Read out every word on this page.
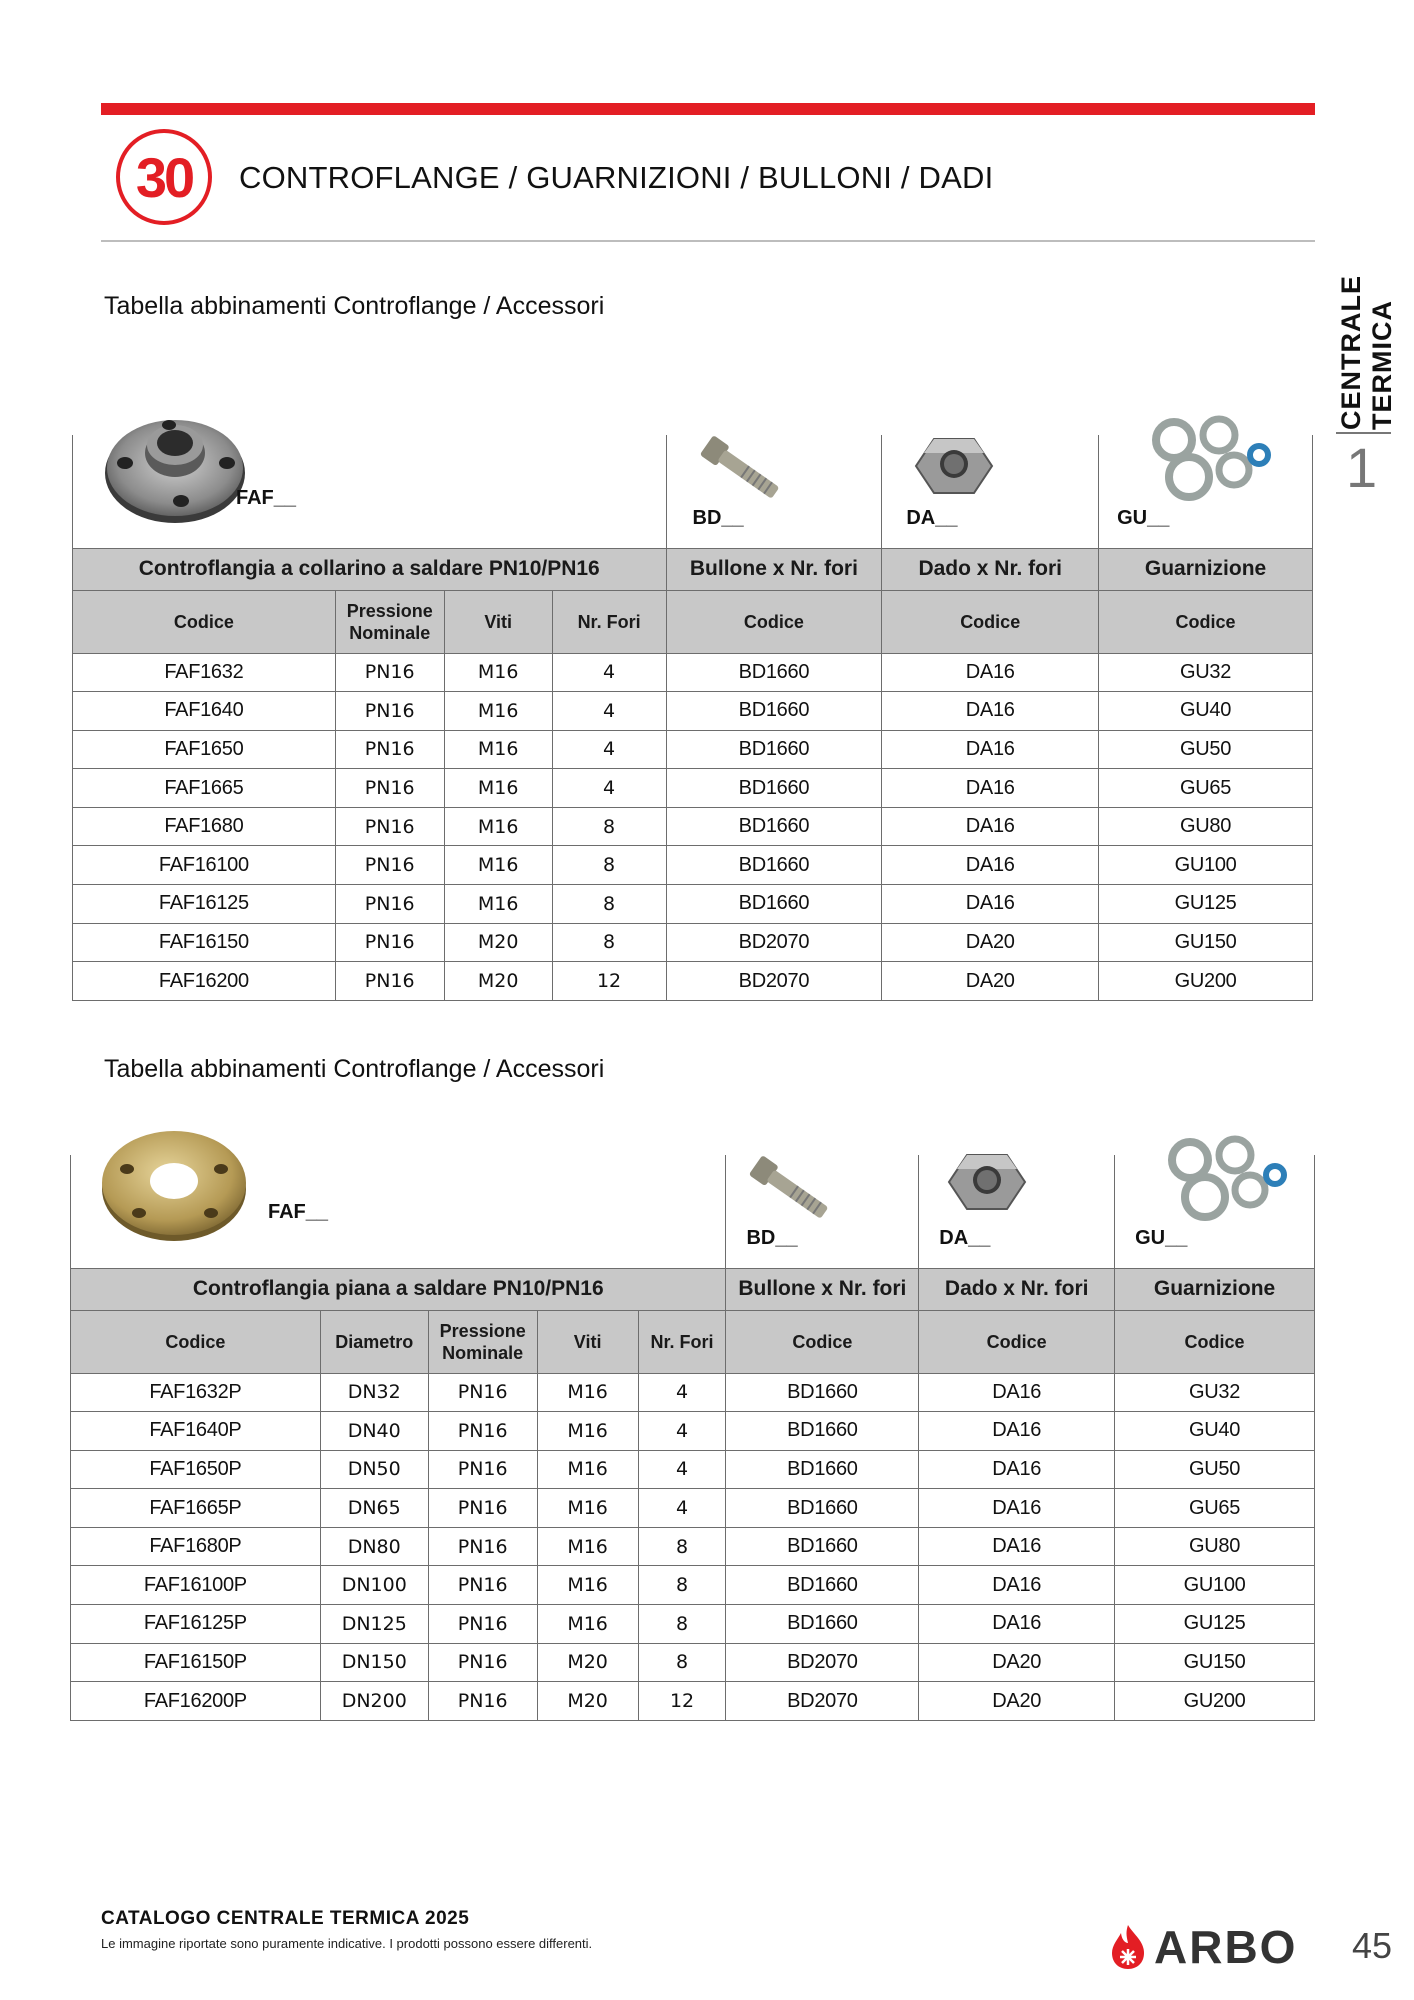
30	CONTROFLANGE / GUARNIZIONI / BULLONI / DADI
CENTRALE TERMICA
1
Tabella abbinamenti Controflange / Accessori
FAF__				BD__	DA__	GU__

Controflangia a collarino a saldare PN10/PN16				Bullone x Nr. fori	Dado x Nr. fori	Guarnizione
Codice	Pressione Nominale	Viti	Nr. Fori	Codice	Codice	Codice
FAF1632	PN16	M16	4	BD1660	DA16	GU32
FAF1640	PN16	M16	4	BD1660	DA16	GU40
FAF1650	PN16	M16	4	BD1660	DA16	GU50
FAF1665	PN16	M16	4	BD1660	DA16	GU65
FAF1680	PN16	M16	8	BD1660	DA16	GU80
FAF16100	PN16	M16	8	BD1660	DA16	GU100
FAF16125	PN16	M16	8	BD1660	DA16	GU125
FAF16150	PN16	M20	8	BD2070	DA20	GU150
FAF16200	PN16	M20	12	BD2070	DA20	GU200
Tabella abbinamenti Controflange / Accessori
FAF__					BD__	DA__	GU__

Controflangia piana a saldare PN10/PN16					Bullone x Nr. fori	Dado x Nr. fori	Guarnizione
Codice	Diametro	Pressione Nominale	Viti	Nr. Fori	Codice	Codice	Codice
FAF1632P	DN32	PN16	M16	4	BD1660	DA16	GU32
FAF1640P	DN40	PN16	M16	4	BD1660	DA16	GU40
FAF1650P	DN50	PN16	M16	4	BD1660	DA16	GU50
FAF1665P	DN65	PN16	M16	4	BD1660	DA16	GU65
FAF1680P	DN80	PN16	M16	8	BD1660	DA16	GU80
FAF16100P	DN100	PN16	M16	8	BD1660	DA16	GU100
FAF16125P	DN125	PN16	M16	8	BD1660	DA16	GU125
FAF16150P	DN150	PN16	M20	8	BD2070	DA20	GU150
FAF16200P	DN200	PN16	M20	12	BD2070	DA20	GU200
CATALOGO CENTRALE TERMICA 2025
Le immagine riportate sono puramente indicative. I prodotti possono essere differenti.	ARBO 45
